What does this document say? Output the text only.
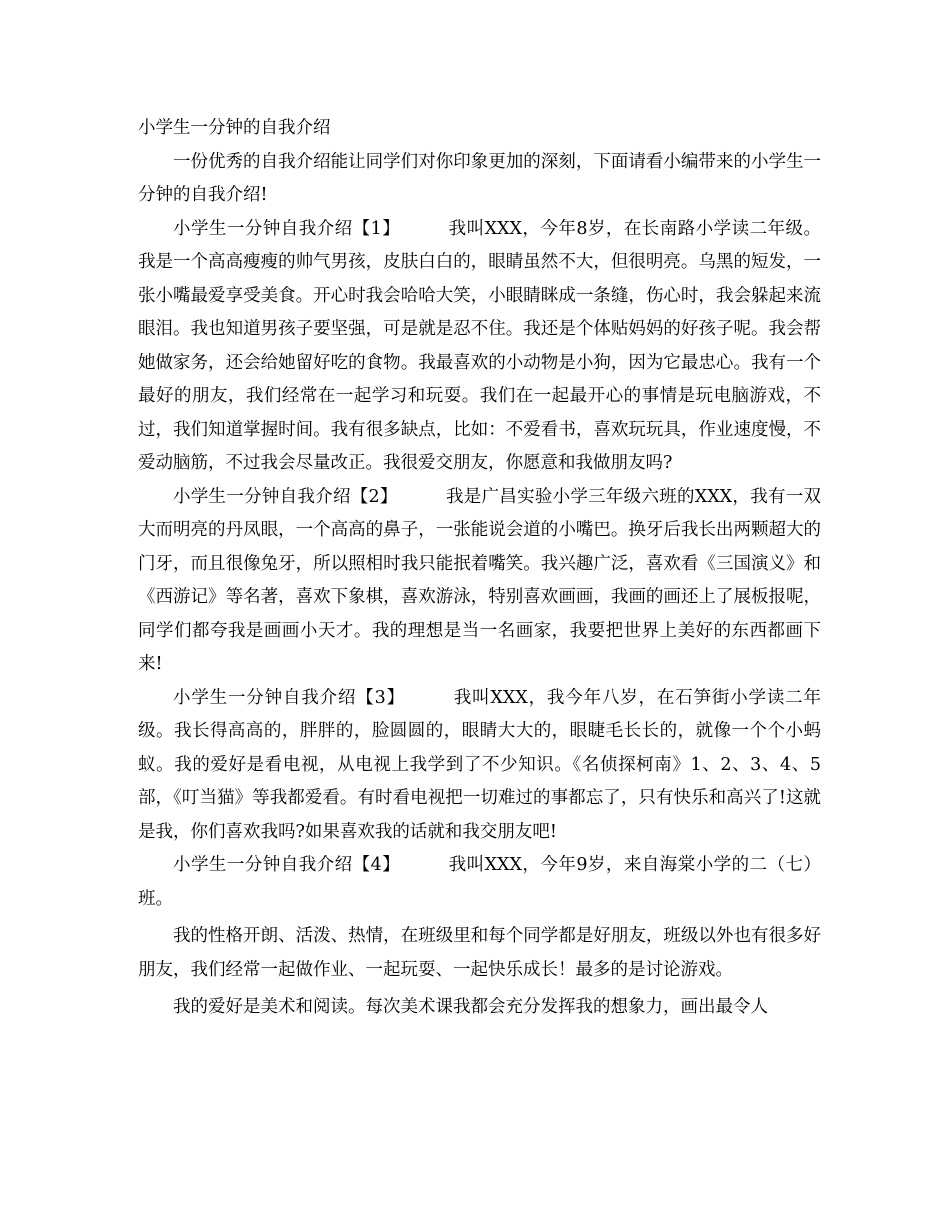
小学生一分钟的自我介绍

一份优秀的自我介绍能让同学们对你印象更加的深刻，下面请看小编带来的小学生一分钟的自我介绍!

小学生一分钟自我介绍【1】	我叫XXX，今年8岁，在长南路小学读二年级。我是一个高高瘦瘦的帅气男孩，皮肤白白的，眼睛虽然不大，但很明亮。乌黑的短发，一张小嘴最爱享受美食。开心时我会哈哈大笑，小眼睛眯成一条缝，伤心时，我会躲起来流眼泪。我也知道男孩子要坚强，可是就是忍不住。我还是个体贴妈妈的好孩子呢。我会帮她做家务，还会给她留好吃的食物。我最喜欢的小动物是小狗，因为它最忠心。我有一个最好的朋友，我们经常在一起学习和玩耍。我们在一起最开心的事情是玩电脑游戏，不过，我们知道掌握时间。我有很多缺点，比如：不爱看书，喜欢玩玩具，作业速度慢，不爱动脑筋，不过我会尽量改正。我很爱交朋友，你愿意和我做朋友吗?

小学生一分钟自我介绍【2】	我是广昌实验小学三年级六班的XXX，我有一双大而明亮的丹凤眼，一个高高的鼻子，一张能说会道的小嘴巴。换牙后我长出两颗超大的门牙，而且很像兔牙，所以照相时我只能抿着嘴笑。我兴趣广泛，喜欢看《三国演义》和《西游记》等名著，喜欢下象棋，喜欢游泳，特别喜欢画画，我画的画还上了展板报呢，同学们都夸我是画画小天才。我的理想是当一名画家，我要把世界上美好的东西都画下来!

小学生一分钟自我介绍【3】	我叫XXX，我今年八岁，在石笋街小学读二年级。我长得高高的，胖胖的，脸圆圆的，眼睛大大的，眼睫毛长长的，就像一个个小蚂蚁。我的爱好是看电视，从电视上我学到了不少知识。《名侦探柯南》1、2、3、4、5部，《叮当猫》等我都爱看。有时看电视把一切难过的事都忘了，只有快乐和高兴了!这就是我，你们喜欢我吗?如果喜欢我的话就和我交朋友吧!

小学生一分钟自我介绍【4】	我叫XXX，今年9岁，来自海棠小学的二（七）班。

我的性格开朗、活泼、热情，在班级里和每个同学都是好朋友，班级以外也有很多好朋友，我们经常一起做作业、一起玩耍、一起快乐成长！最多的是讨论游戏。

我的爱好是美术和阅读。每次美术课我都会充分发挥我的想象力，画出最令人
